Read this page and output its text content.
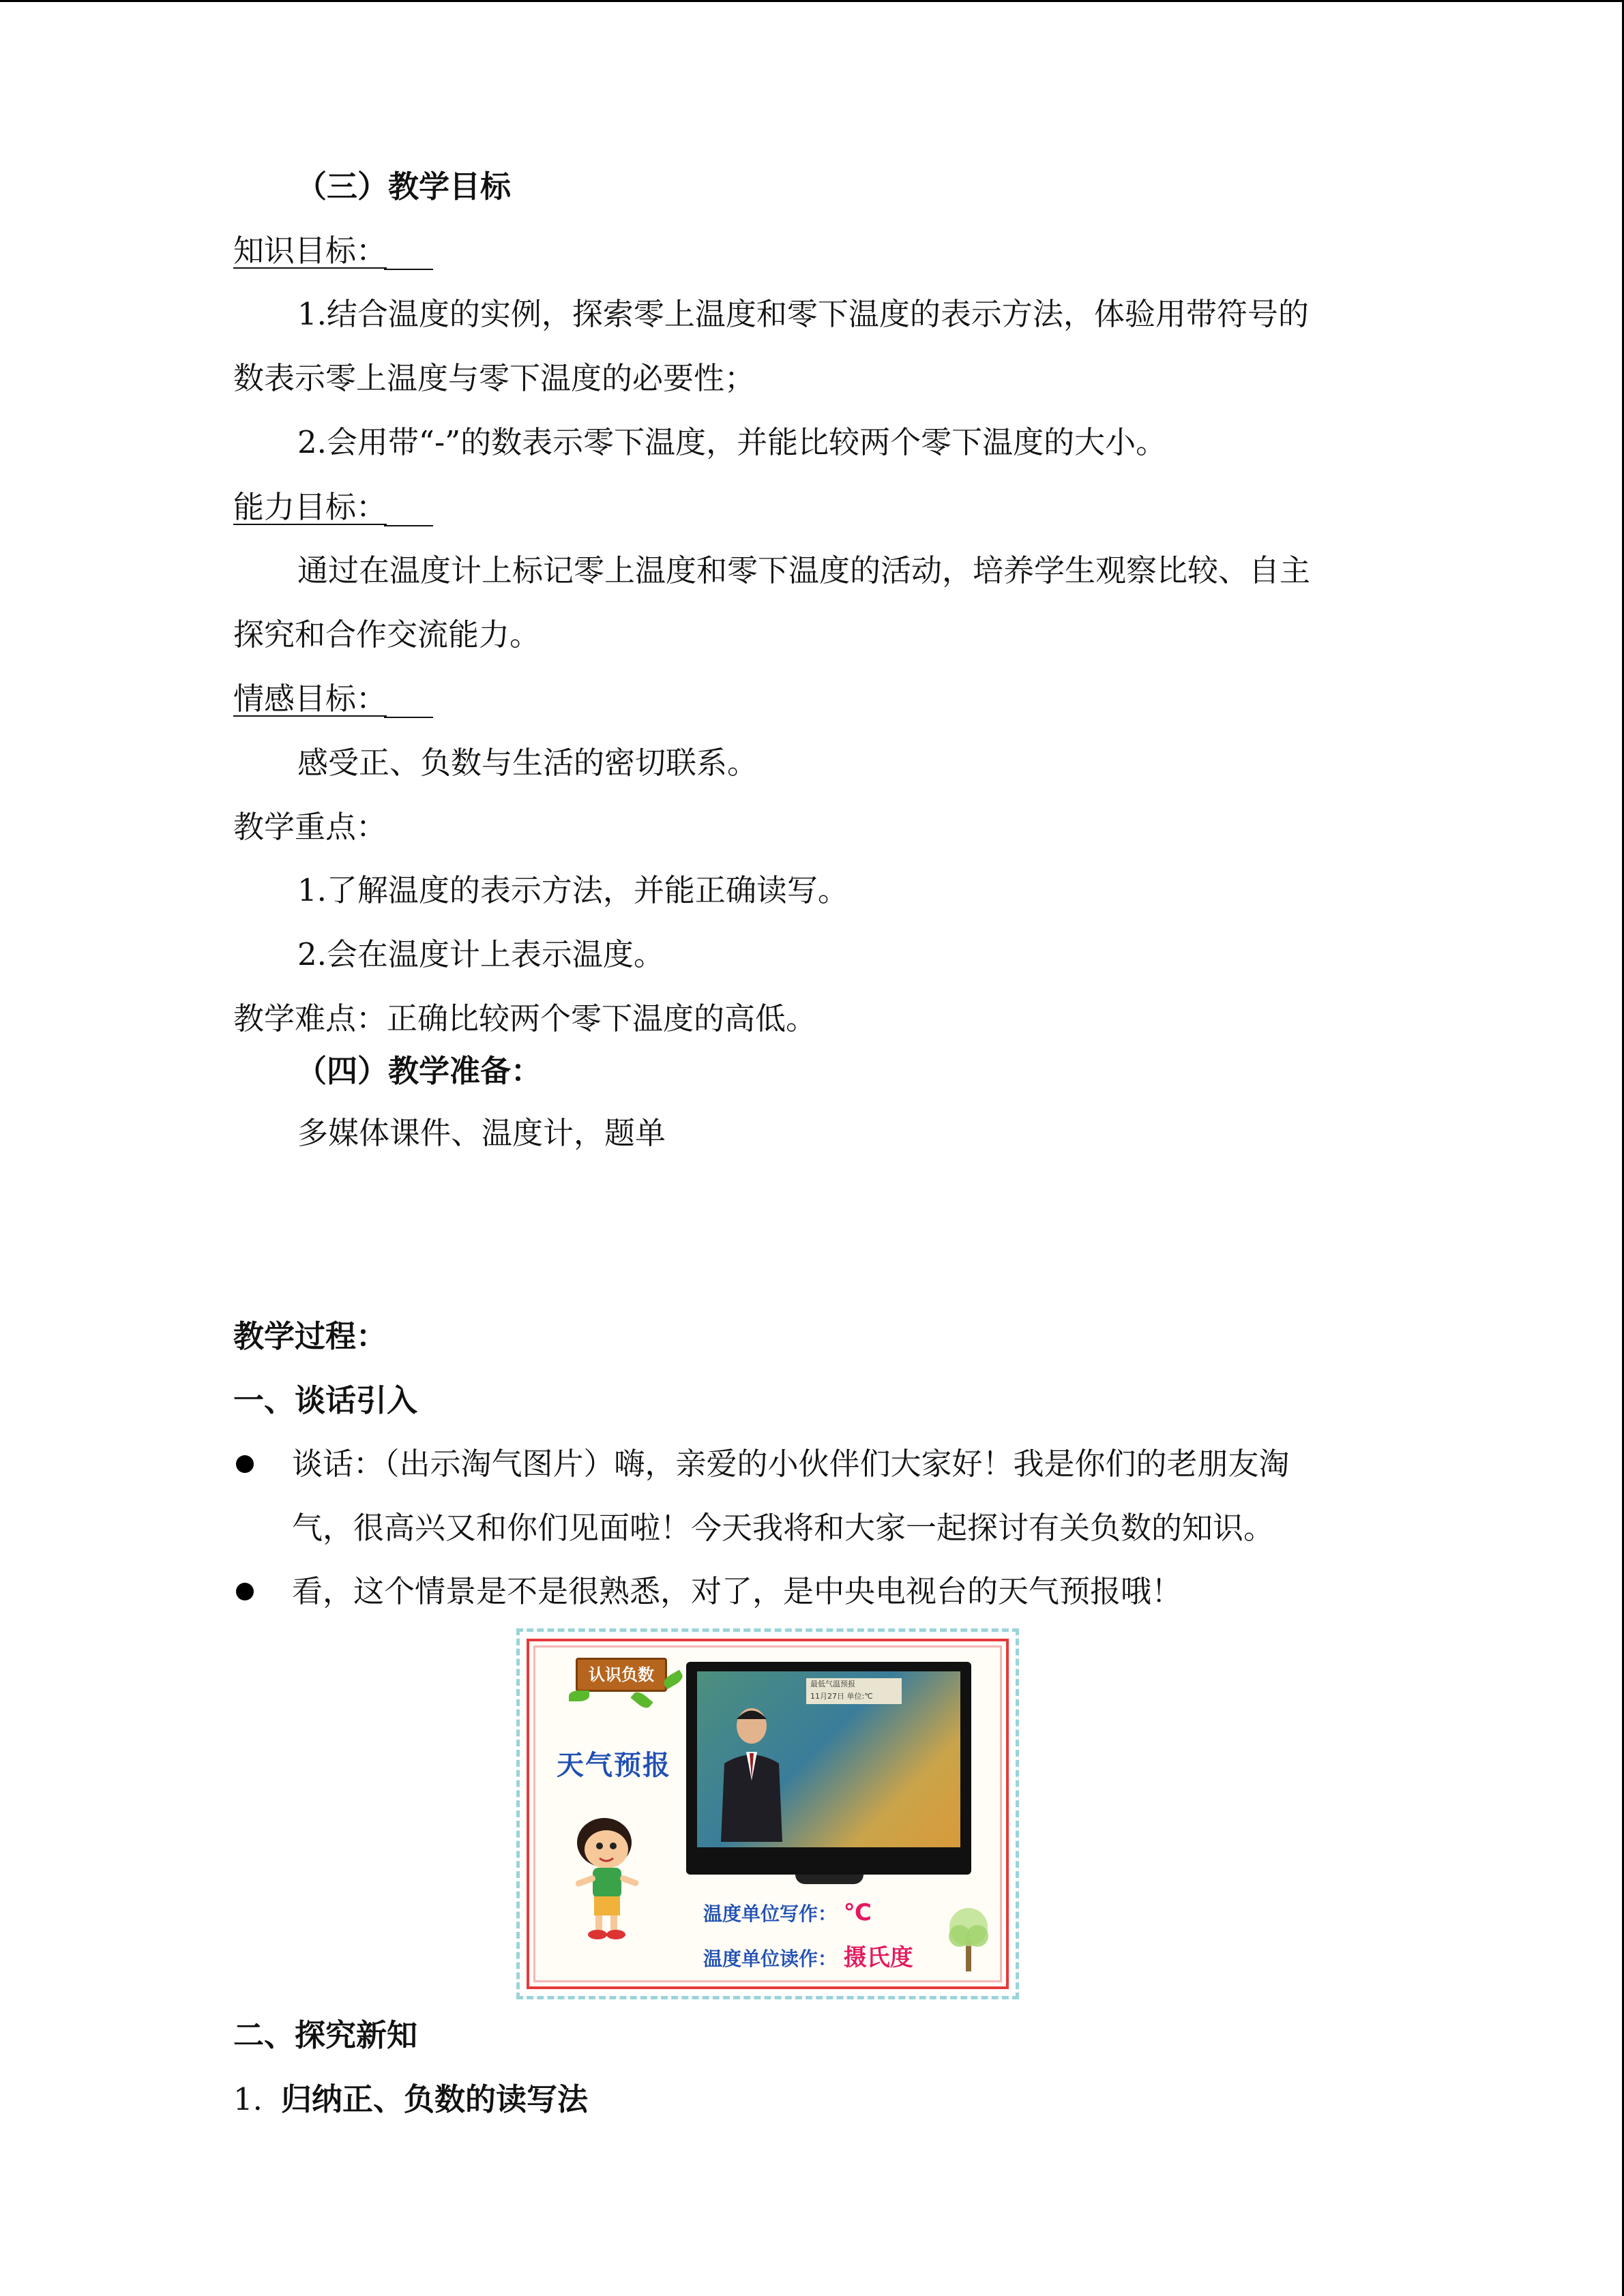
（三）教学目标
知识目标：
1.结合温度的实例，探索零上温度和零下温度的表示方法，体验用带符号的
数表示零上温度与零下温度的必要性；
2.会用带“-”的数表示零下温度，并能比较两个零下温度的大小。
能力目标：
通过在温度计上标记零上温度和零下温度的活动，培养学生观察比较、自主
探究和合作交流能力。
情感目标：
感受正、负数与生活的密切联系。
教学重点：
1.了解温度的表示方法，并能正确读写。
2.会在温度计上表示温度。
教学难点：正确比较两个零下温度的高低。
（四）教学准备：
多媒体课件、温度计，题单
教学过程：
一、谈话引入
谈话：（出示淘气图片）嗨，亲爱的小伙伴们大家好！我是你们的老朋友淘
气，很高兴又和你们见面啦！今天我将和大家一起探讨有关负数的知识。
看，这个情景是不是很熟悉，对了，是中央电视台的天气预报哦！
认识负数
天气预报
最低气温预报
11月27日 单位:℃
温度单位写作： ℃
温度单位读作： 摄氏度
二、探究新知
1. 归纳正、负数的读写法
